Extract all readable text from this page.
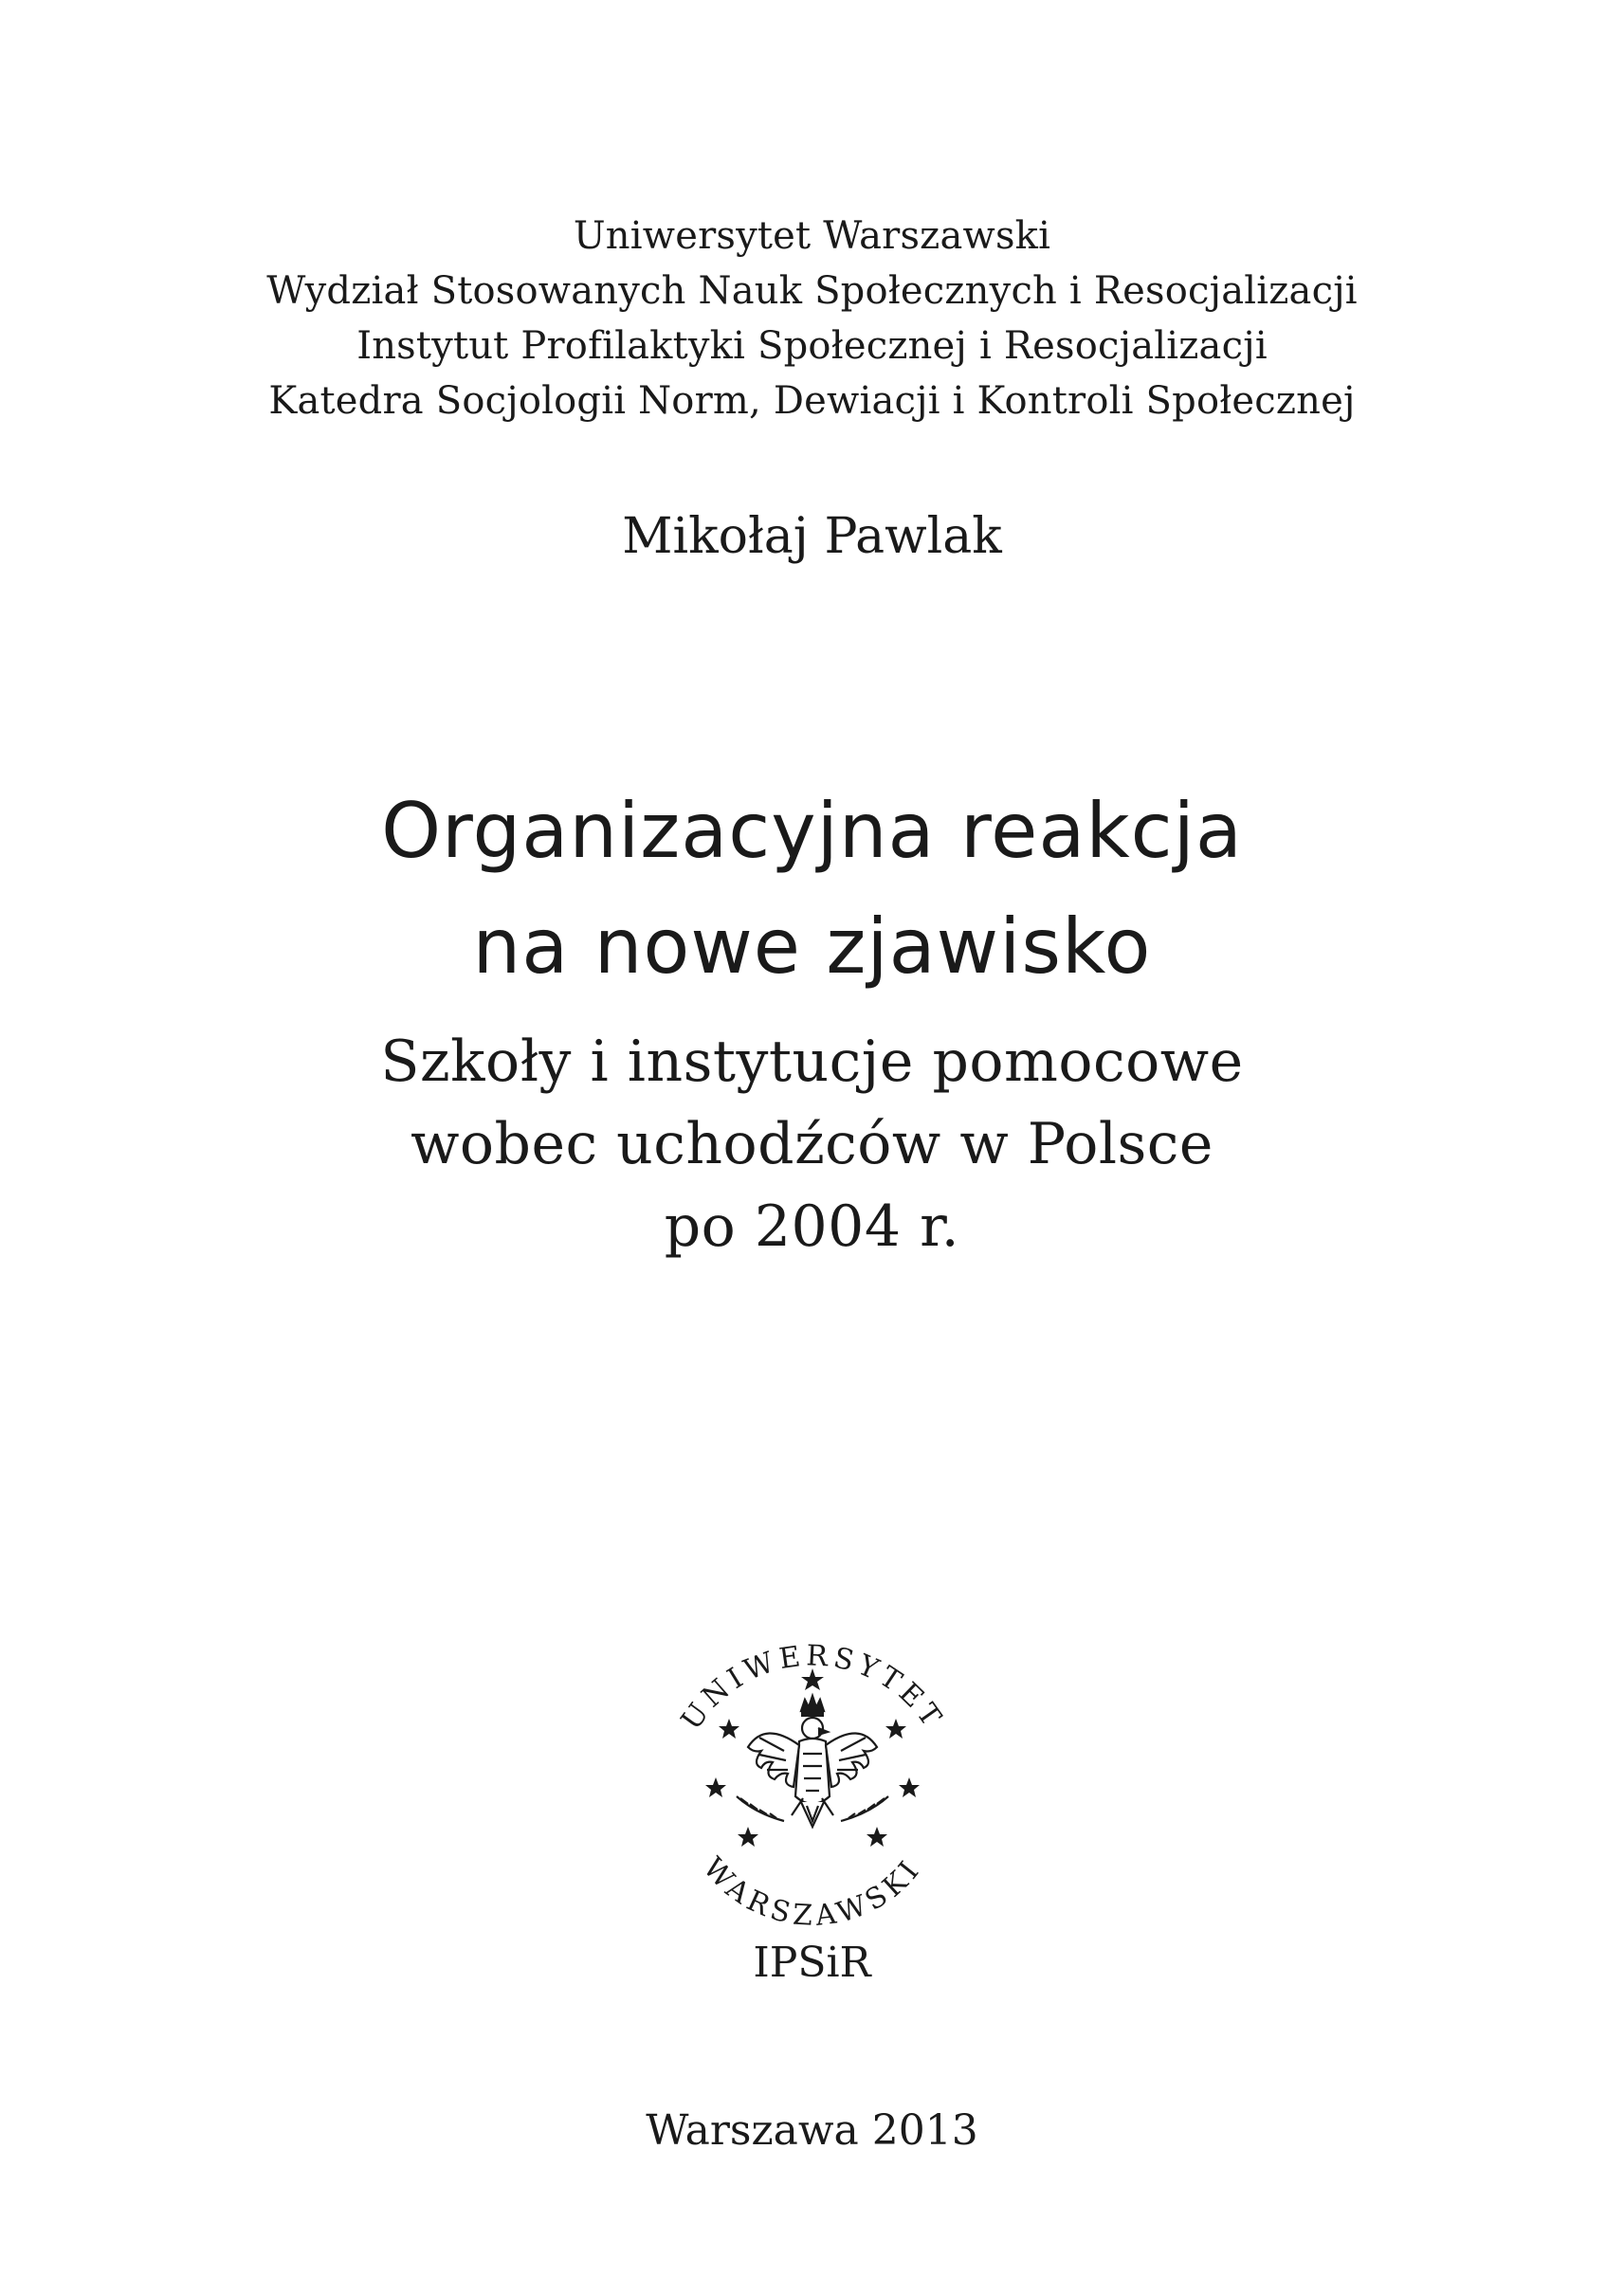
Uniwersytet Warszawski
Wydział Stosowanych Nauk Społecznych i Resocjalizacji
Instytut Profilaktyki Społecznej i Resocjalizacji
Katedra Socjologii Norm, Dewiacji i Kontroli Społecznej
Mikołaj Pawlak
Organizacyjna reakcja
na nowe zjawisko
Szkoły i instytucje pomocowe
wobec uchodźców w Polsce
po 2004 r.
UNIWERSYTET
WARSZAWSKI
IPSiR
Warszawa 2013
